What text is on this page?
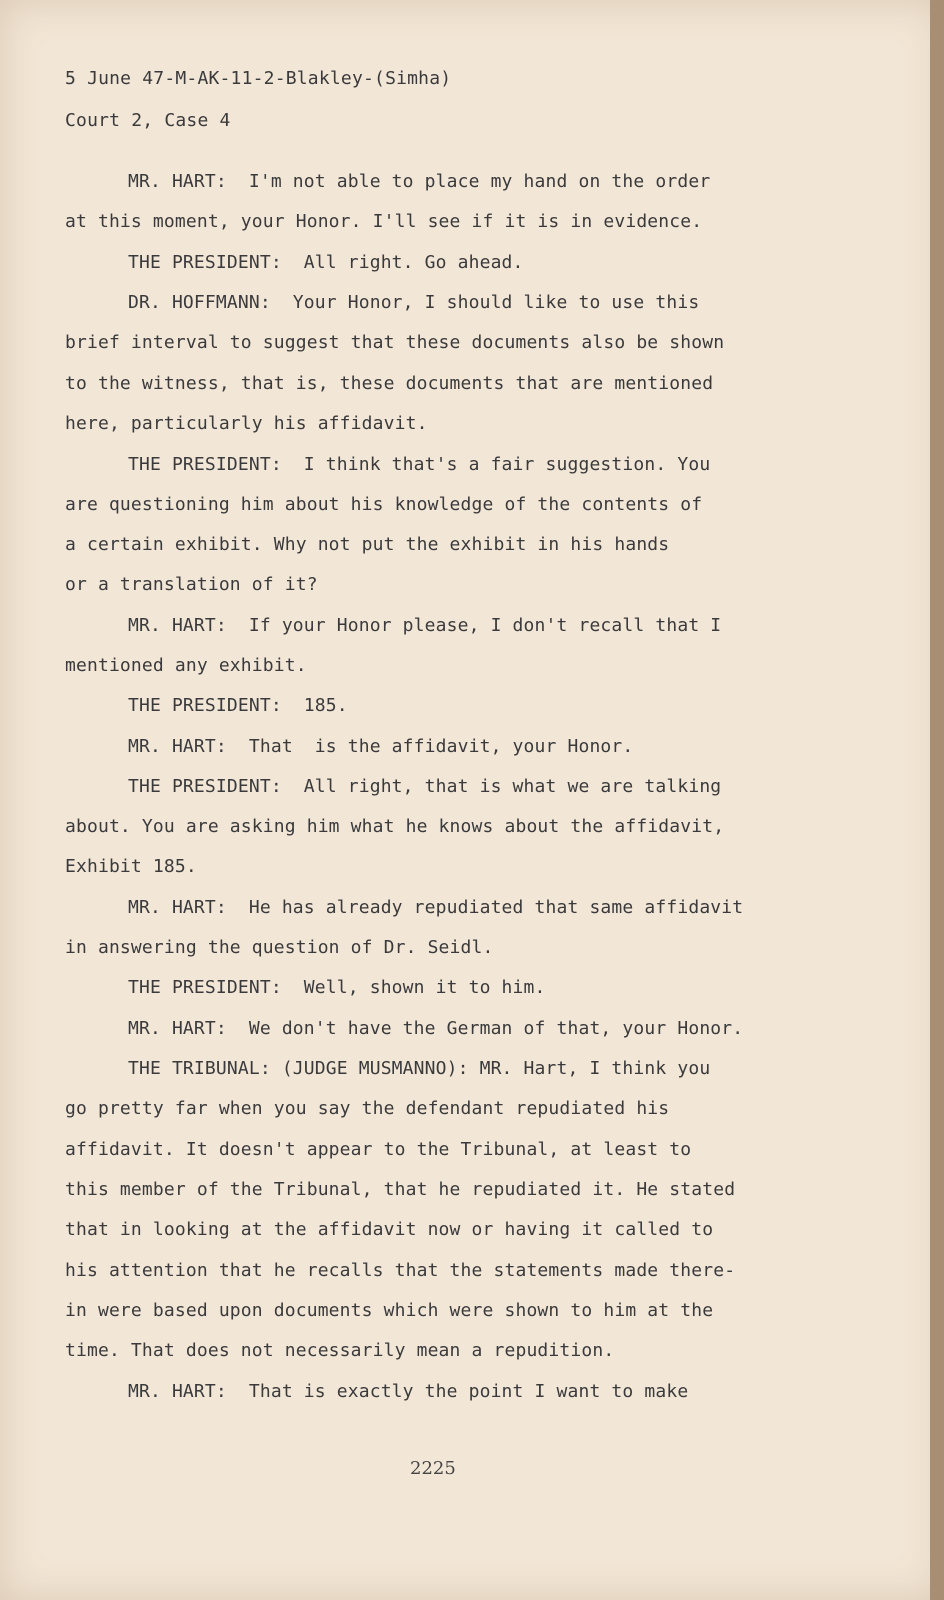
5 June 47-M-AK-11-2-Blakley-(Simha)
Court 2, Case 4
MR. HART:  I'm not able to place my hand on the order
at this moment, your Honor. I'll see if it is in evidence.
THE PRESIDENT:  All right. Go ahead.
DR. HOFFMANN:  Your Honor, I should like to use this
brief interval to suggest that these documents also be shown
to the witness, that is, these documents that are mentioned
here, particularly his affidavit.
THE PRESIDENT:  I think that's a fair suggestion. You
are questioning him about his knowledge of the contents of
a certain exhibit. Why not put the exhibit in his hands
or a translation of it?
MR. HART:  If your Honor please, I don't recall that I
mentioned any exhibit.
THE PRESIDENT:  185.
MR. HART:  That  is the affidavit, your Honor.
THE PRESIDENT:  All right, that is what we are talking
about. You are asking him what he knows about the affidavit,
Exhibit 185.
MR. HART:  He has already repudiated that same affidavit
in answering the question of Dr. Seidl.
THE PRESIDENT:  Well, shown it to him.
MR. HART:  We don't have the German of that, your Honor.
THE TRIBUNAL: (JUDGE MUSMANNO): MR. Hart, I think you
go pretty far when you say the defendant repudiated his
affidavit. It doesn't appear to the Tribunal, at least to
this member of the Tribunal, that he repudiated it. He stated
that in looking at the affidavit now or having it called to
his attention that he recalls that the statements made there-
in were based upon documents which were shown to him at the
time. That does not necessarily mean a repudition.
MR. HART:  That is exactly the point I want to make
2225
